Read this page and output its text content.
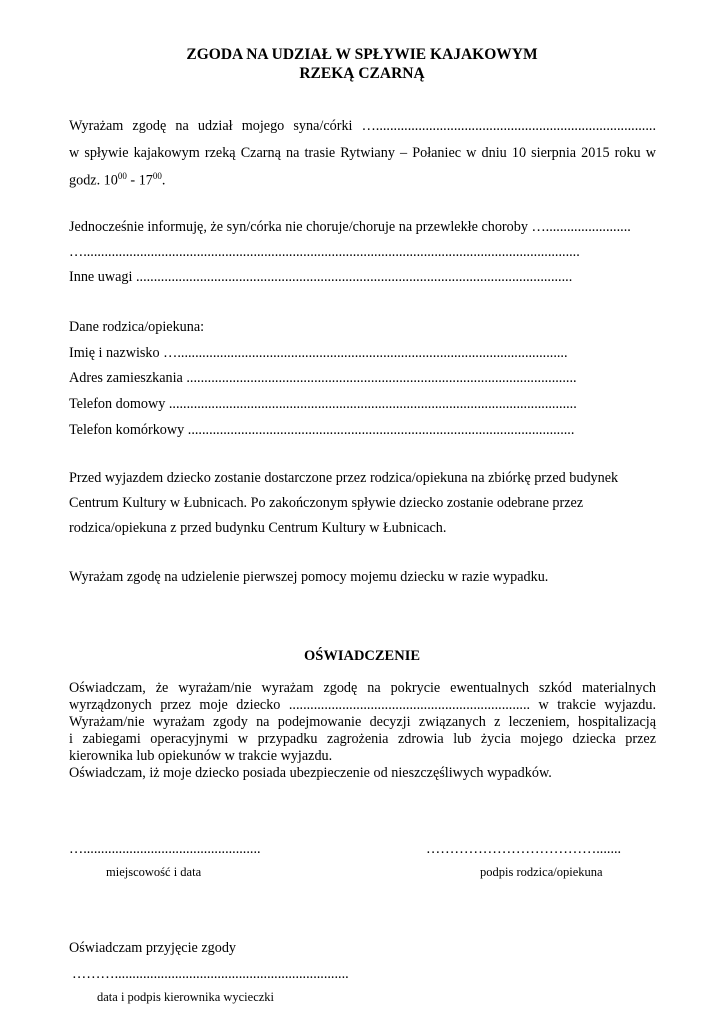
ZGODA NA UDZIAŁ W SPŁYWIE KAJAKOWYM
RZEKĄ CZARNĄ
Wyrażam zgodę na udział mojego syna/córki …...............................................................................
w spływie kajakowym rzeką Czarną na trasie Rytwiany – Połaniec w dniu 10 sierpnia 2015 roku w
godz. $10^{00} - 17^{00}$.
Jednocześnie informuję, że syn/córka nie choruje/choruje na przewlekłe choroby …........................
…............................................................................................................................................
Inne uwagi ...........................................................................................................................
Dane rodzica/opiekuna:
Imię i nazwisko …..............................................................................................................
Adres zamieszkania ..............................................................................................................
Telefon domowy ...................................................................................................................
Telefon komórkowy .............................................................................................................
Przed wyjazdem dziecko zostanie dostarczone przez rodzica/opiekuna na zbiórkę przed budynek
Centrum Kultury w Łubnicach. Po zakończonym spływie dziecko zostanie odebrane przez
rodzica/opiekuna z przed budynku Centrum Kultury w Łubnicach.
Wyrażam zgodę na udzielenie pierwszej pomocy mojemu dziecku w razie wypadku.
OŚWIADCZENIE
Oświadczam, że wyrażam/nie wyrażam zgodę na pokrycie ewentualnych szkód materialnych
wyrządzonych przez moje dziecko .................................................................... w trakcie wyjazdu.
Wyrażam/nie wyrażam zgody na podejmowanie decyzji związanych z leczeniem, hospitalizacją
i zabiegami operacyjnymi w przypadku zagrożenia zdrowia lub życia mojego dziecka przez
kierownika lub opiekunów w trakcie wyjazdu.
Oświadczam, iż moje dziecko posiada ubezpieczenie od nieszczęśliwych wypadków.
…..................................................
miejscowość i data
……………………………….......
podpis rodzica/opiekuna
Oświadczam przyjęcie zgody
………..................................................................
data i podpis kierownika wycieczki
